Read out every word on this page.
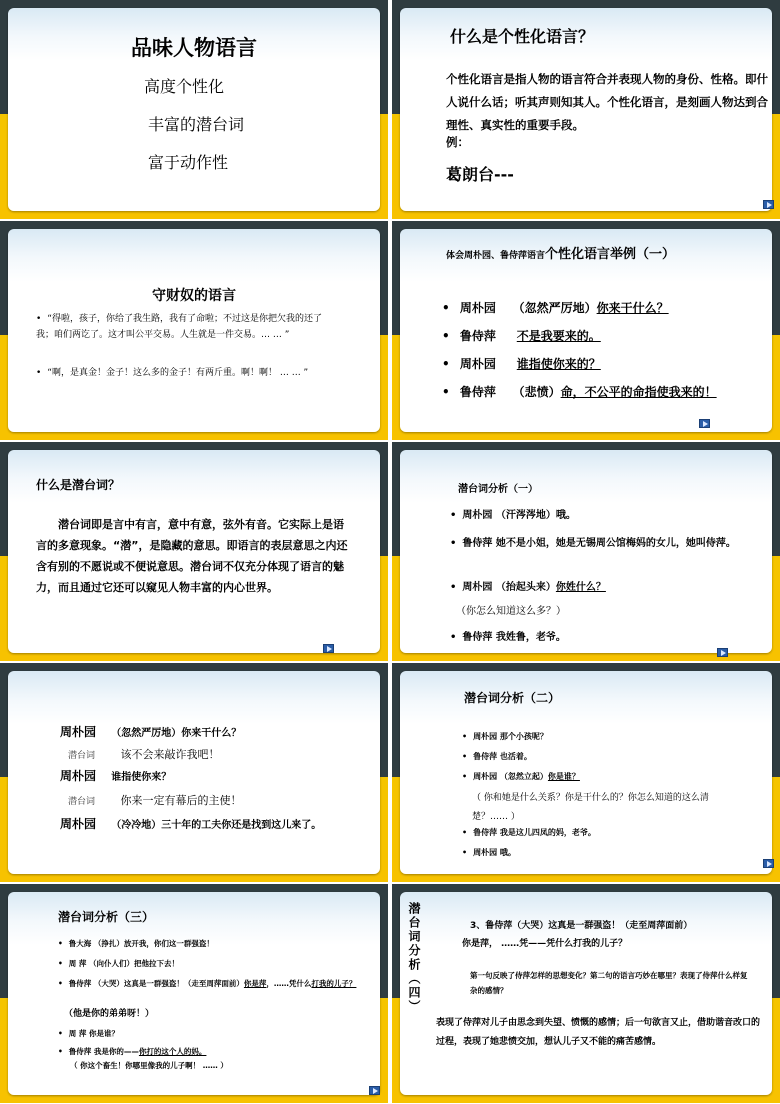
品味人物语言
高度个性化
丰富的潜台词
富于动作性
什么是个性化语言？
个性化语言是指人物的语言符合并表现人物的身份、性格。即什人说什么话；听其声则知其人。个性化语言，是刻画人物达到合理性、真实性的重要手段。
例：
葛朗台---
守财奴的语言
• “得啦，孩子，你给了我生路，我有了命啦；不过这是你把欠我的还了我；咱们两讫了。这才叫公平交易。人生就是一件交易。… … ”
• “啊，是真金！金子！这么多的金子！有两斤重。啊！啊！ … … ”
体会周朴园、鲁侍萍语言个性化语言举例（一）
• 周朴园 （忽然严厉地）你来干什么？
• 鲁侍萍 不是我要来的。
• 周朴园 谁指使你来的？
• 鲁侍萍 （悲愤）命，不公平的命指使我来的！
什么是潜台词？
潜台词即是言中有言，意中有意，弦外有音。它实际上是语言的多意现象。“潜”，是隐藏的意思。即语言的表层意思之内还含有别的不愿说或不便说意思。潜台词不仅充分体现了语言的魅力，而且通过它还可以窥见人物丰富的内心世界。
潜台词分析（一）
• 周朴园 （汗涔涔地）哦。
• 鲁侍萍 她不是小姐，她是无锡周公馆梅妈的女儿，她叫侍萍。
• 周朴园 （抬起头来）你姓什么？
（你怎么知道这么多？）
• 鲁侍萍 我姓鲁，老爷。
周朴园 （忽然严厉地）你来干什么？
潜台词 该不会来敲诈我吧！
周朴园 谁指使你来？
潜台词 你来一定有幕后的主使！
周朴园 （冷冷地）三十年的工夫你还是找到这儿来了。
潜台词分析（二）
• 周朴园 那个小孩呢？
• 鲁侍萍 也活着。
• 周朴园 （忽然立起）你是谁？
（ 你和她是什么关系？你是干什么的？你怎么知道的这么清楚？…… ）
• 鲁侍萍 我是这儿四凤的妈，老爷。
• 周朴园 哦。
潜台词分析（三）
• 鲁大海 （挣扎）放开我，你们这一群强盗！
• 周 萍 （向仆人们）把他拉下去！
• 鲁侍萍 （大哭）这真是一群强盗！（走至周萍面前）你是萍，……凭什么打我的儿子？
（他是你的弟弟呀！）
• 周 萍 你是谁？
• 鲁侍萍 我是你的——你打的这个人的妈。
（ 你这个畜生！你哪里像我的儿子啊！ …… ）
潜台词分析（四）	3、鲁侍萍（大哭）这真是一群强盗！（走至周萍面前）
你是萍， ……凭——凭什么打我的儿子？
第一句反映了侍萍怎样的思想变化？第二句的语言巧妙在哪里？表现了侍萍什么样复杂的感情？
表现了侍萍对儿子由思念到失望、愤慨的感情；后一句欲言又止，借助谐音改口的过程，表现了她悲愤交加，想认儿子又不能的痛苦感情。
